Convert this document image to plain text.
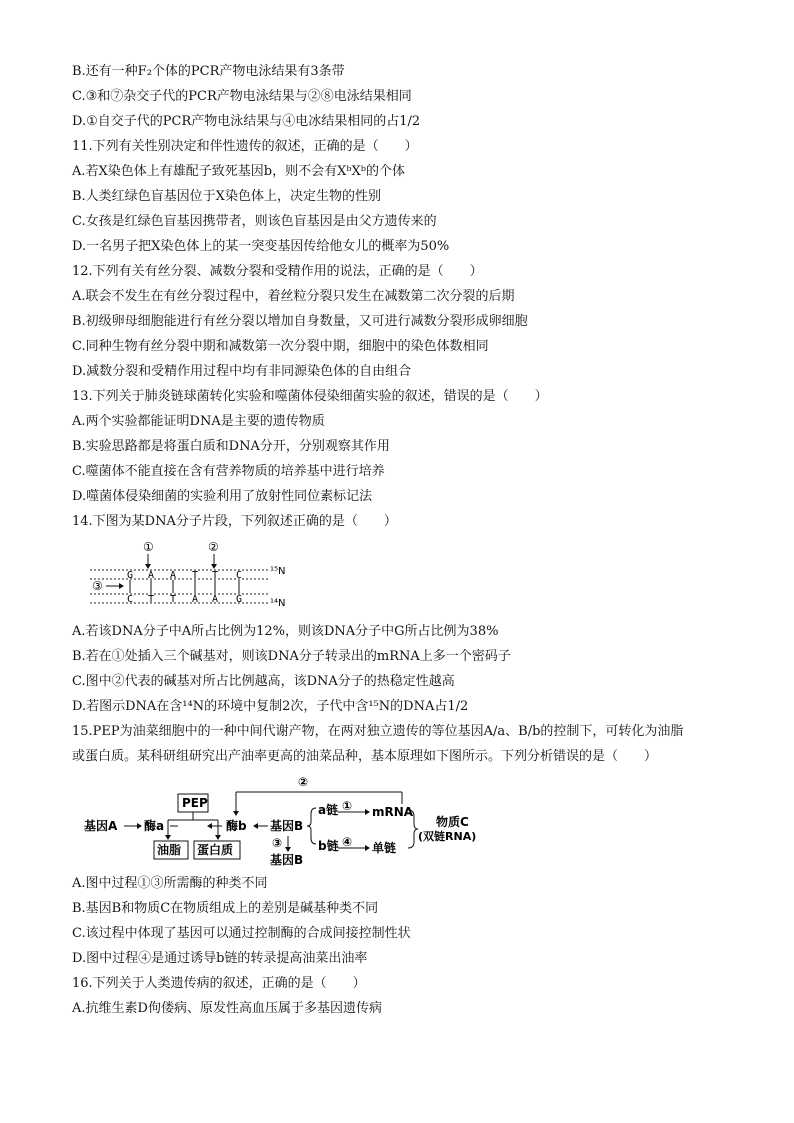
B.还有一种F₂个体的PCR产物电泳结果有3条带
C.③和⑦杂交子代的PCR产物电泳结果与②⑧电泳结果相同
D.①自交子代的PCR产物电泳结果与④电冰结果相同的占1/2
11.下列有关性别决定和伴性遗传的叙述，正确的是（　　）
A.若X染色体上有雄配子致死基因b，则不会有XᵇXᵇ的个体
B.人类红绿色盲基因位于X染色体上，决定生物的性别
C.女孩是红绿色盲基因携带者，则该色盲基因是由父方遗传来的
D.一名男子把X染色体上的某一突变基因传给他女儿的概率为50%
12.下列有关有丝分裂、减数分裂和受精作用的说法，正确的是（　　）
A.联会不发生在有丝分裂过程中，着丝粒分裂只发生在减数第二次分裂的后期
B.初级卵母细胞能进行有丝分裂以增加自身数量，又可进行减数分裂形成卵细胞
C.同种生物有丝分裂中期和减数第一次分裂中期，细胞中的染色体数相同
D.减数分裂和受精作用过程中均有非同源染色体的自由组合
13.下列关于肺炎链球菌转化实验和噬菌体侵染细菌实验的叙述，错误的是（　　）
A.两个实验都能证明DNA是主要的遗传物质
B.实验思路都是将蛋白质和DNA分开，分别观察其作用
C.噬菌体不能直接在含有营养物质的培养基中进行培养
D.噬菌体侵染细菌的实验利用了放射性同位素标记法
14.下图为某DNA分子片段，下列叙述正确的是（　　）
①	②
G A A T T C
C T T A A G
③
¹⁵N
¹⁴N
A.若该DNA分子中A所占比例为12%，则该DNA分子中G所占比例为38%
B.若在①处插入三个碱基对，则该DNA分子转录出的mRNA上多一个密码子
C.图中②代表的碱基对所占比例越高，该DNA分子的热稳定性越高
D.若图示DNA在含¹⁴N的环境中复制2次，子代中含¹⁵N的DNA占1/2
15.PEP为油菜细胞中的一种中间代谢产物，在两对独立遗传的等位基因A/a、B/b的控制下，可转化为油脂
或蛋白质。某科研组研究出产油率更高的油菜品种，基本原理如下图所示。下列分析错误的是（　　）
PEP
基因A 酶a
油脂 蛋白质
酶b 基因B
③
基因B
a链 ① mRNA
b链 ④ 单链
物质C
(双链RNA)
②
A.图中过程①③所需酶的种类不同
B.基因B和物质C在物质组成上的差别是碱基种类不同
C.该过程中体现了基因可以通过控制酶的合成间接控制性状
D.图中过程④是通过诱导b链的转录提高油菜出油率
16.下列关于人类遗传病的叙述，正确的是（　　）
A.抗维生素D佝偻病、原发性高血压属于多基因遗传病
